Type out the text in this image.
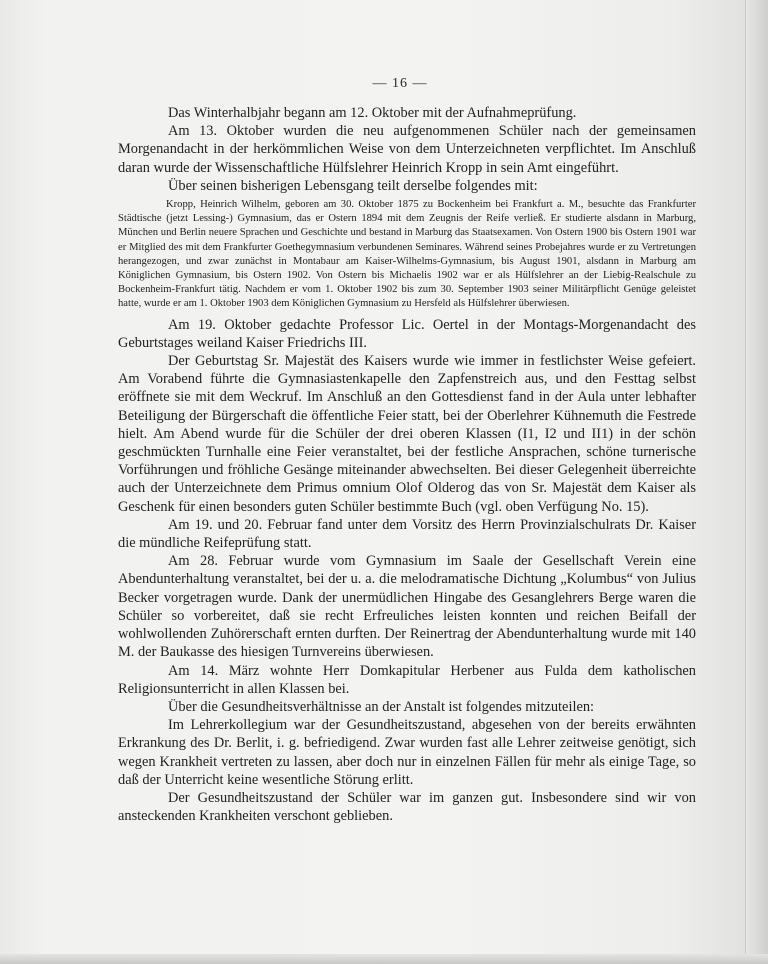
— 16 —

Das Winterhalbjahr begann am 12. Oktober mit der Aufnahmeprüfung.

Am 13. Oktober wurden die neu aufgenommenen Schüler nach der gemeinsamen Morgenandacht in der herkömmlichen Weise von dem Unterzeichneten verpflichtet. Im Anschluß daran wurde der Wissenschaftliche Hülfslehrer Heinrich Kropp in sein Amt eingeführt.

Über seinen bisherigen Lebensgang teilt derselbe folgendes mit:

Kropp, Heinrich Wilhelm, geboren am 30. Oktober 1875 zu Bockenheim bei Frankfurt a. M., besuchte das Frankfurter Städtische (jetzt Lessing-) Gymnasium, das er Ostern 1894 mit dem Zeugnis der Reife verließ. Er studierte alsdann in Marburg, München und Berlin neuere Sprachen und Geschichte und bestand in Marburg das Staatsexamen. Von Ostern 1900 bis Ostern 1901 war er Mitglied des mit dem Frankfurter Goethegymnasium verbundenen Seminares. Während seines Probejahres wurde er zu Vertretungen herangezogen, und zwar zunächst in Montabaur am Kaiser-Wilhelms-Gymnasium, bis August 1901, alsdann in Marburg am Königlichen Gymnasium, bis Ostern 1902. Von Ostern bis Michaelis 1902 war er als Hülfslehrer an der Liebig-Realschule zu Bockenheim-Frankfurt tätig. Nachdem er vom 1. Oktober 1902 bis zum 30. September 1903 seiner Militärpflicht Genüge geleistet hatte, wurde er am 1. Oktober 1903 dem Königlichen Gymnasium zu Hersfeld als Hülfslehrer überwiesen.

Am 19. Oktober gedachte Professor Lic. Oertel in der Montags-Morgenandacht des Geburtstages weiland Kaiser Friedrichs III.

Der Geburtstag Sr. Majestät des Kaisers wurde wie immer in festlichster Weise gefeiert. Am Vorabend führte die Gymnasiastenkapelle den Zapfenstreich aus, und den Festtag selbst eröffnete sie mit dem Weckruf. Im Anschluß an den Gottesdienst fand in der Aula unter lebhafter Beteiligung der Bürgerschaft die öffentliche Feier statt, bei der Oberlehrer Kühnemuth die Festrede hielt. Am Abend wurde für die Schüler der drei oberen Klassen (I1, I2 und II1) in der schön geschmückten Turnhalle eine Feier veranstaltet, bei der festliche Ansprachen, schöne turnerische Vorführungen und fröhliche Gesänge miteinander abwechselten. Bei dieser Gelegenheit überreichte auch der Unterzeichnete dem Primus omnium Olof Olderog das von Sr. Majestät dem Kaiser als Geschenk für einen besonders guten Schüler bestimmte Buch (vgl. oben Verfügung No. 15).

Am 19. und 20. Februar fand unter dem Vorsitz des Herrn Provinzialschulrats Dr. Kaiser die mündliche Reifeprüfung statt.

Am 28. Februar wurde vom Gymnasium im Saale der Gesellschaft Verein eine Abendunterhaltung veranstaltet, bei der u. a. die melodramatische Dichtung „Kolumbus“ von Julius Becker vorgetragen wurde. Dank der unermüdlichen Hingabe des Gesanglehrers Berge waren die Schüler so vorbereitet, daß sie recht Erfreuliches leisten konnten und reichen Beifall der wohlwollenden Zuhörerschaft ernten durften. Der Reinertrag der Abendunterhaltung wurde mit 140 M. der Baukasse des hiesigen Turnvereins überwiesen.

Am 14. März wohnte Herr Domkapitular Herbener aus Fulda dem katholischen Religionsunterricht in allen Klassen bei.

Über die Gesundheitsverhältnisse an der Anstalt ist folgendes mitzuteilen:

Im Lehrerkollegium war der Gesundheitszustand, abgesehen von der bereits erwähnten Erkrankung des Dr. Berlit, i. g. befriedigend. Zwar wurden fast alle Lehrer zeitweise genötigt, sich wegen Krankheit vertreten zu lassen, aber doch nur in einzelnen Fällen für mehr als einige Tage, so daß der Unterricht keine wesentliche Störung erlitt.

Der Gesundheitszustand der Schüler war im ganzen gut. Insbesondere sind wir von ansteckenden Krankheiten verschont geblieben.
